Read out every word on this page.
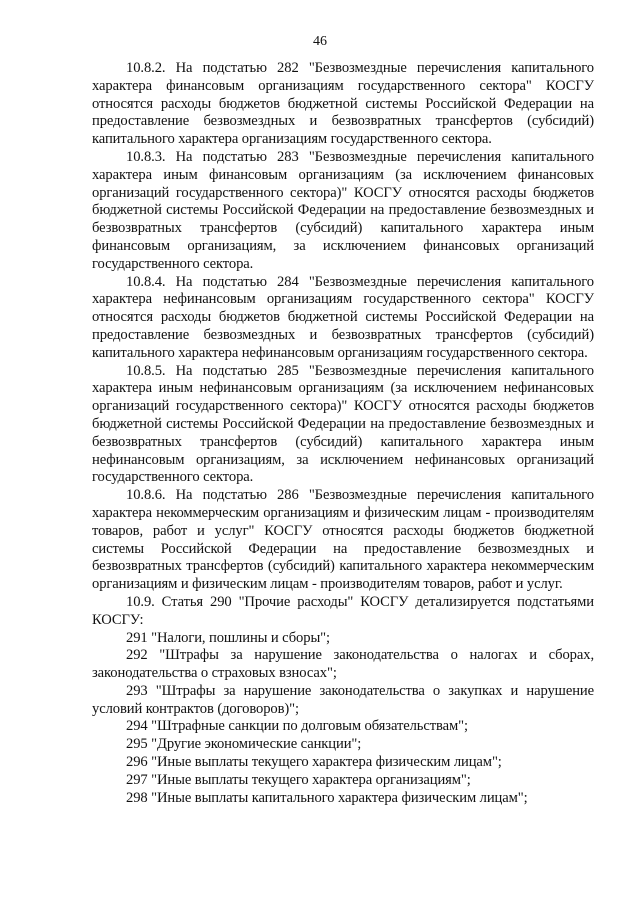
46

10.8.2. На подстатью 282 "Безвозмездные перечисления капитального характера финансовым организациям государственного сектора" КОСГУ относятся расходы бюджетов бюджетной системы Российской Федерации на предоставление безвозмездных и безвозвратных трансфертов (субсидий) капитального характера организациям государственного сектора.

10.8.3. На подстатью 283 "Безвозмездные перечисления капитального характера иным финансовым организациям (за исключением финансовых организаций государственного сектора)" КОСГУ относятся расходы бюджетов бюджетной системы Российской Федерации на предоставление безвозмездных и безвозвратных трансфертов (субсидий) капитального характера иным финансовым организациям, за исключением финансовых организаций государственного сектора.

10.8.4. На подстатью 284 "Безвозмездные перечисления капитального характера нефинансовым организациям государственного сектора" КОСГУ относятся расходы бюджетов бюджетной системы Российской Федерации на предоставление безвозмездных и безвозвратных трансфертов (субсидий) капитального характера нефинансовым организациям государственного сектора.

10.8.5. На подстатью 285 "Безвозмездные перечисления капитального характера иным нефинансовым организациям (за исключением нефинансовых организаций государственного сектора)" КОСГУ относятся расходы бюджетов бюджетной системы Российской Федерации на предоставление безвозмездных и безвозвратных трансфертов (субсидий) капитального характера иным нефинансовым организациям, за исключением нефинансовых организаций государственного сектора.

10.8.6. На подстатью 286 "Безвозмездные перечисления капитального характера некоммерческим организациям и физическим лицам - производителям товаров, работ и услуг" КОСГУ относятся расходы бюджетов бюджетной системы Российской Федерации на предоставление безвозмездных и безвозвратных трансфертов (субсидий) капитального характера некоммерческим организациям и физическим лицам - производителям товаров, работ и услуг.

10.9. Статья 290 "Прочие расходы" КОСГУ детализируется подстатьями КОСГУ:

291 "Налоги, пошлины и сборы";

292 "Штрафы за нарушение законодательства о налогах и сборах, законодательства о страховых взносах";

293 "Штрафы за нарушение законодательства о закупках и нарушение условий контрактов (договоров)";

294 "Штрафные санкции по долговым обязательствам";

295 "Другие экономические санкции";

296 "Иные выплаты текущего характера физическим лицам";

297 "Иные выплаты текущего характера организациям";

298 "Иные выплаты капитального характера физическим лицам";
